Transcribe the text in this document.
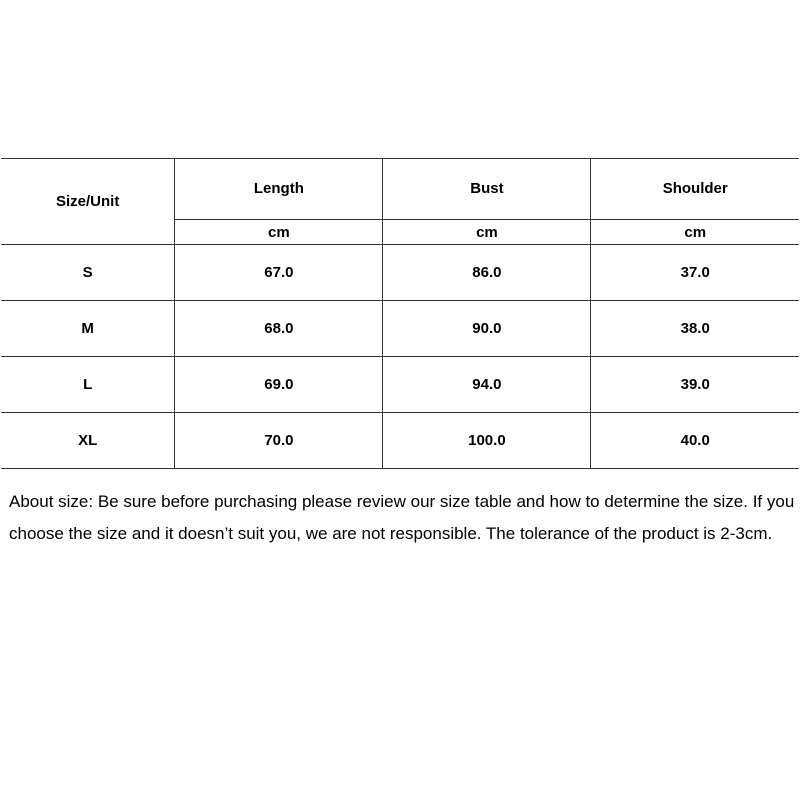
Size/Unit	Length	Bust	Shoulder
	cm	cm	cm
S	67.0	86.0	37.0
M	68.0	90.0	38.0
L	69.0	94.0	39.0
XL	70.0	100.0	40.0

About size: Be sure before purchasing please review our size table and how to determine the size. If you choose the size and it doesn’t suit you, we are not responsible. The tolerance of the product is 2-3cm.
